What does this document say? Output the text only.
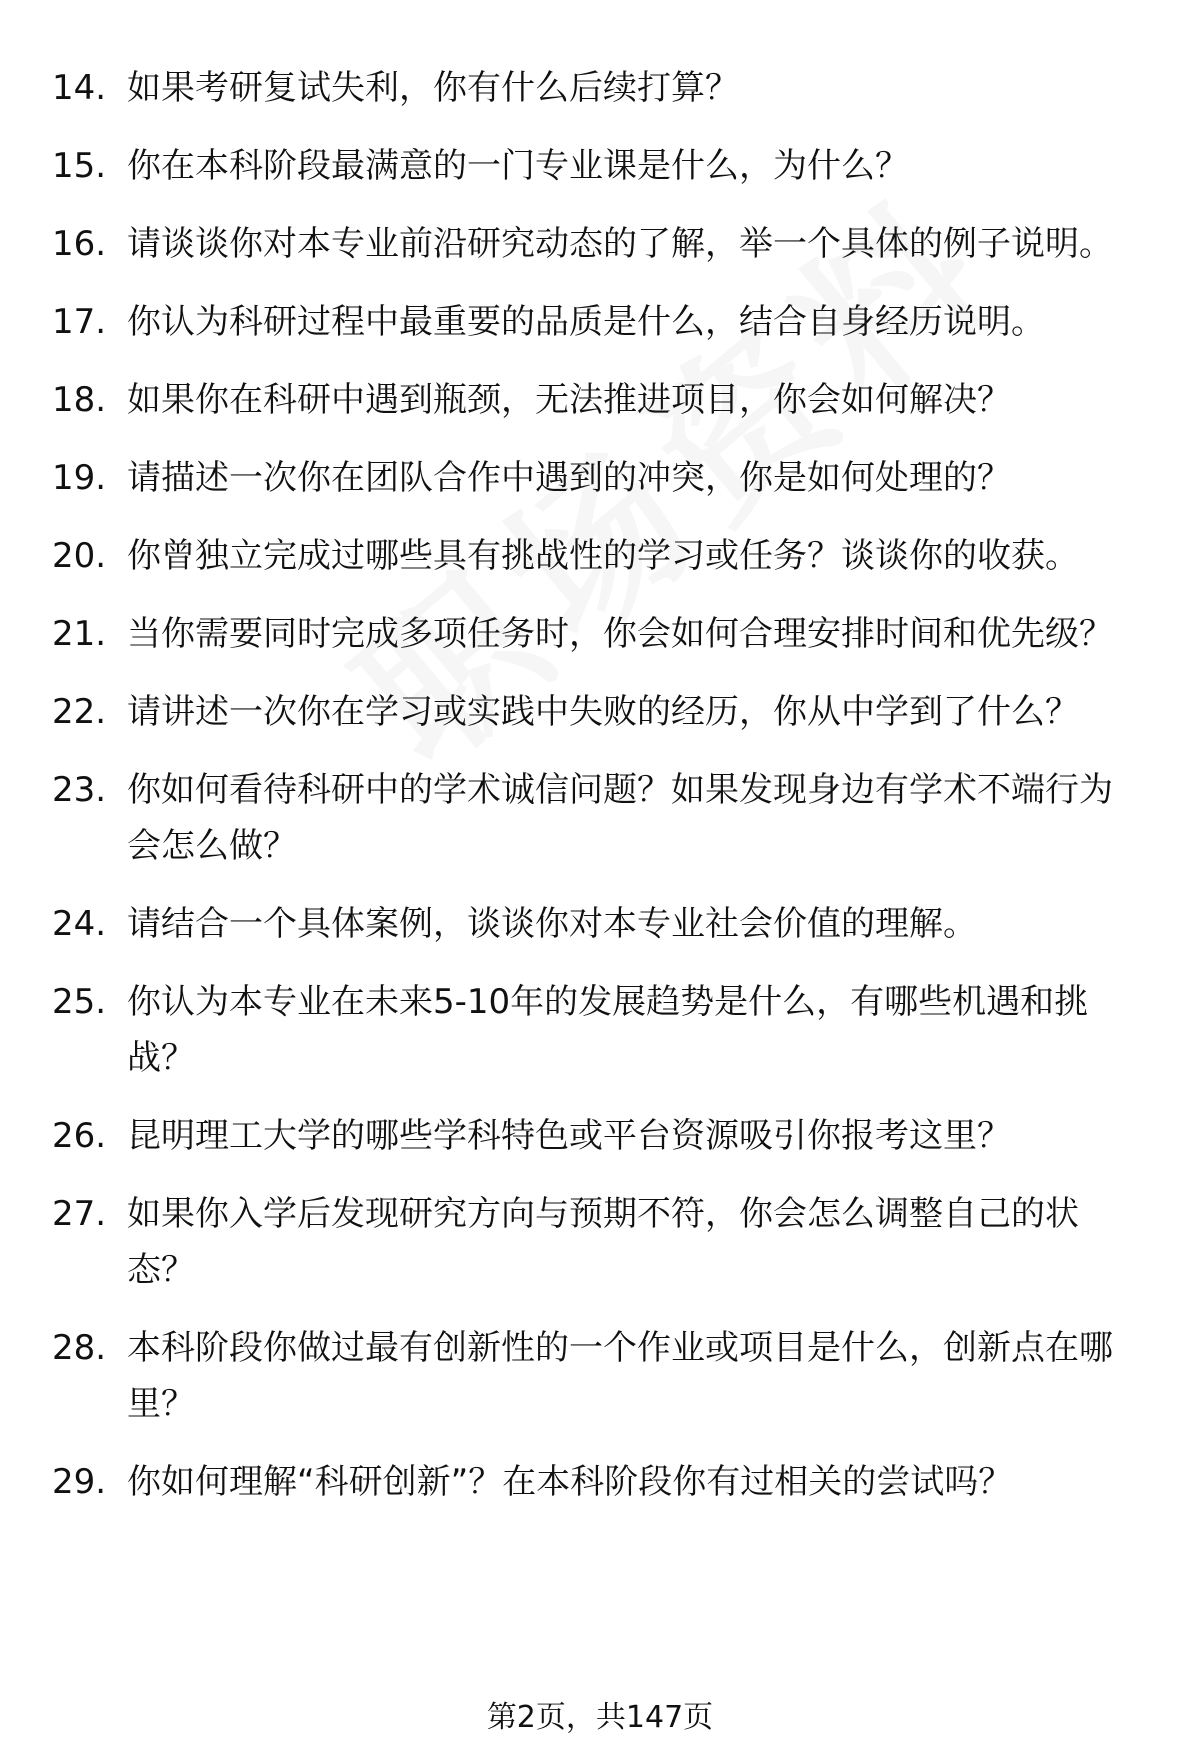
14. 如果考研复试失利，你有什么后续打算？
15. 你在本科阶段最满意的一门专业课是什么，为什么？
16. 请谈谈你对本专业前沿研究动态的了解，举一个具体的例子说明。
17. 你认为科研过程中最重要的品质是什么，结合自身经历说明。
18. 如果你在科研中遇到瓶颈，无法推进项目，你会如何解决？
19. 请描述一次你在团队合作中遇到的冲突，你是如何处理的？
20. 你曾独立完成过哪些具有挑战性的学习或任务？谈谈你的收获。
21. 当你需要同时完成多项任务时，你会如何合理安排时间和优先级？
22. 请讲述一次你在学习或实践中失败的经历，你从中学到了什么？
23. 你如何看待科研中的学术诚信问题？如果发现身边有学术不端行为会怎么做？
24. 请结合一个具体案例，谈谈你对本专业社会价值的理解。
25. 你认为本专业在未来5-10年的发展趋势是什么，有哪些机遇和挑战？
26. 昆明理工大学的哪些学科特色或平台资源吸引你报考这里？
27. 如果你入学后发现研究方向与预期不符，你会怎么调整自己的状态？
28. 本科阶段你做过最有创新性的一个作业或项目是什么，创新点在哪里？
29. 你如何理解“科研创新”？在本科阶段你有过相关的尝试吗？
第2页，共147页
